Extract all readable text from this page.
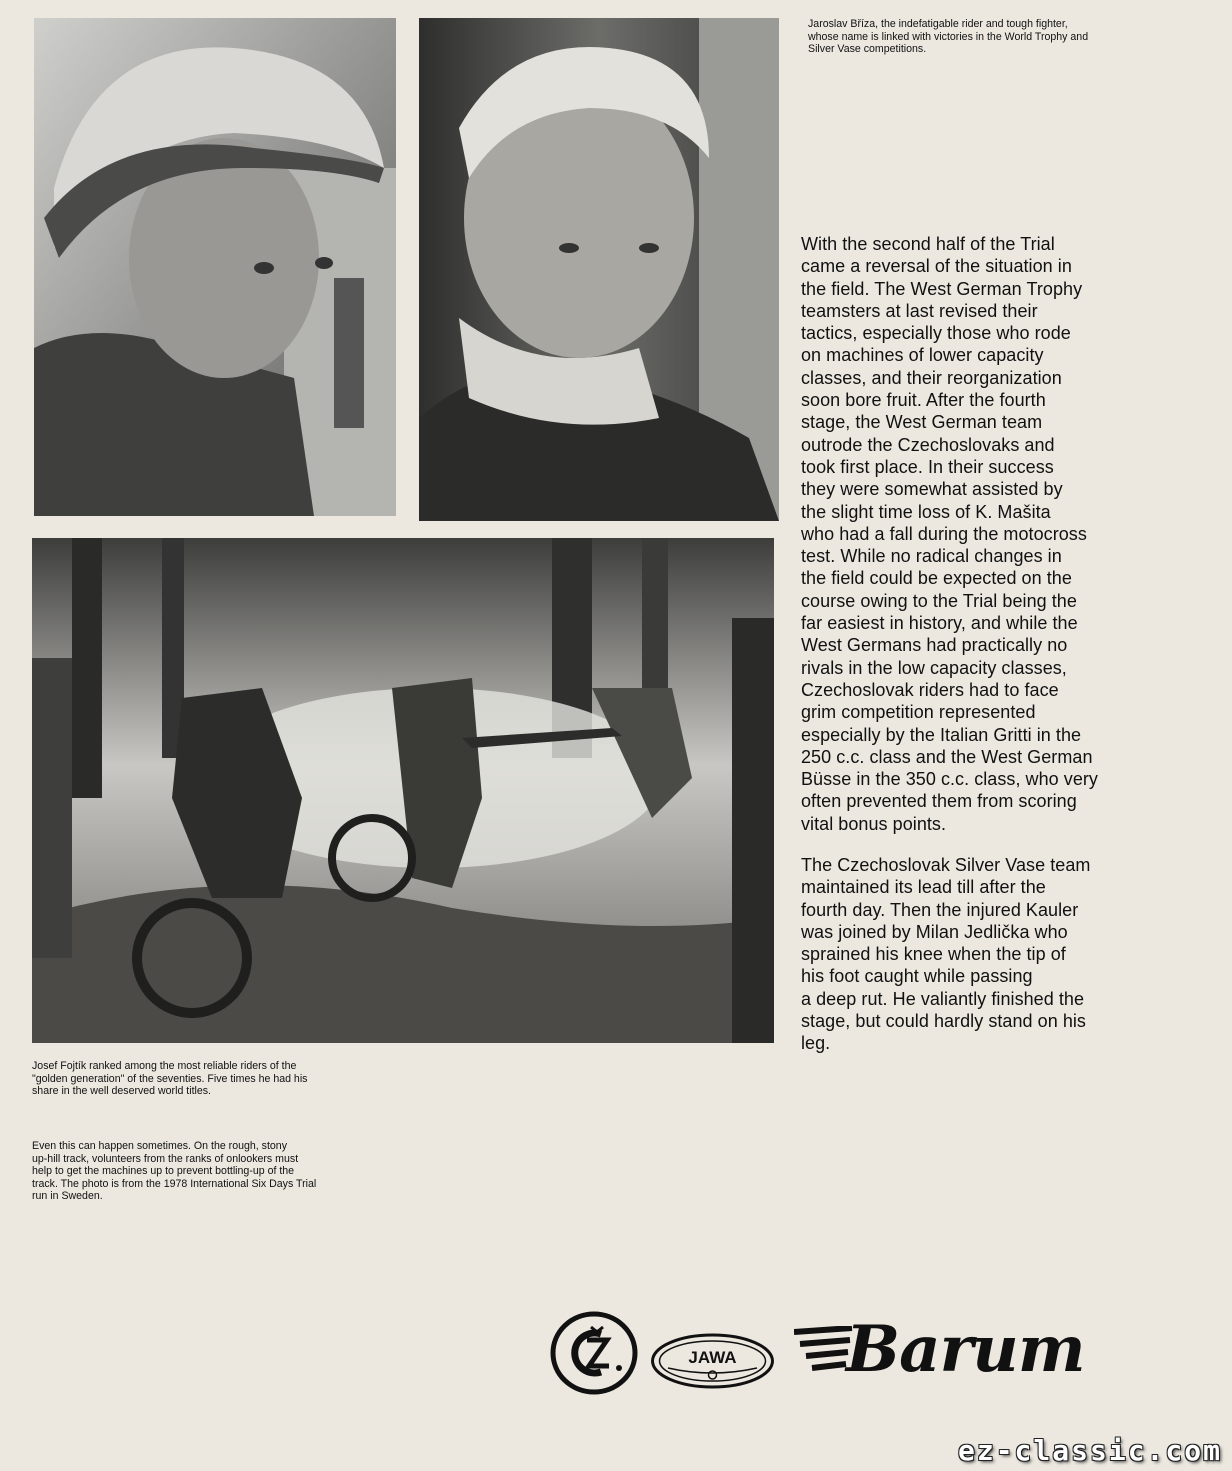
Jaroslav Bříza, the indefatigable rider and tough fighter,
whose name is linked with victories in the World Trophy and
Silver Vase competitions.
Josef Fojtík ranked among the most reliable riders of the
"golden generation" of the seventies. Five times he had his
share in the well deserved world titles.
Even this can happen sometimes. On the rough, stony
up-hill track, volunteers from the ranks of onlookers must
help to get the machines up to prevent bottling-up of the
track. The photo is from the 1978 International Six Days Trial
run in Sweden.
With the second half of the Trial
came a reversal of the situation in
the field. The West German Trophy
teamsters at last revised their
tactics, especially those who rode
on machines of lower capacity
classes, and their reorganization
soon bore fruit. After the fourth
stage, the West German team
outrode the Czechoslovaks and
took first place. In their success
they were somewhat assisted by
the slight time loss of K. Mašita
who had a fall during the motocross
test. While no radical changes in
the field could be expected on the
course owing to the Trial being the
far easiest in history, and while the
West Germans had practically no
rivals in the low capacity classes,
Czechoslovak riders had to face
grim competition represented
especially by the Italian Gritti in the
250 c.c. class and the West German
Büsse in the 350 c.c. class, who very
often prevented them from scoring
vital bonus points.
The Czechoslovak Silver Vase team
maintained its lead till after the
fourth day. Then the injured Kauler
was joined by Milan Jedlička who
sprained his knee when the tip of
his foot caught while passing
a deep rut. He valiantly finished the
stage, but could hardly stand on his
leg.
JAWA Barum
ez-classic.com
